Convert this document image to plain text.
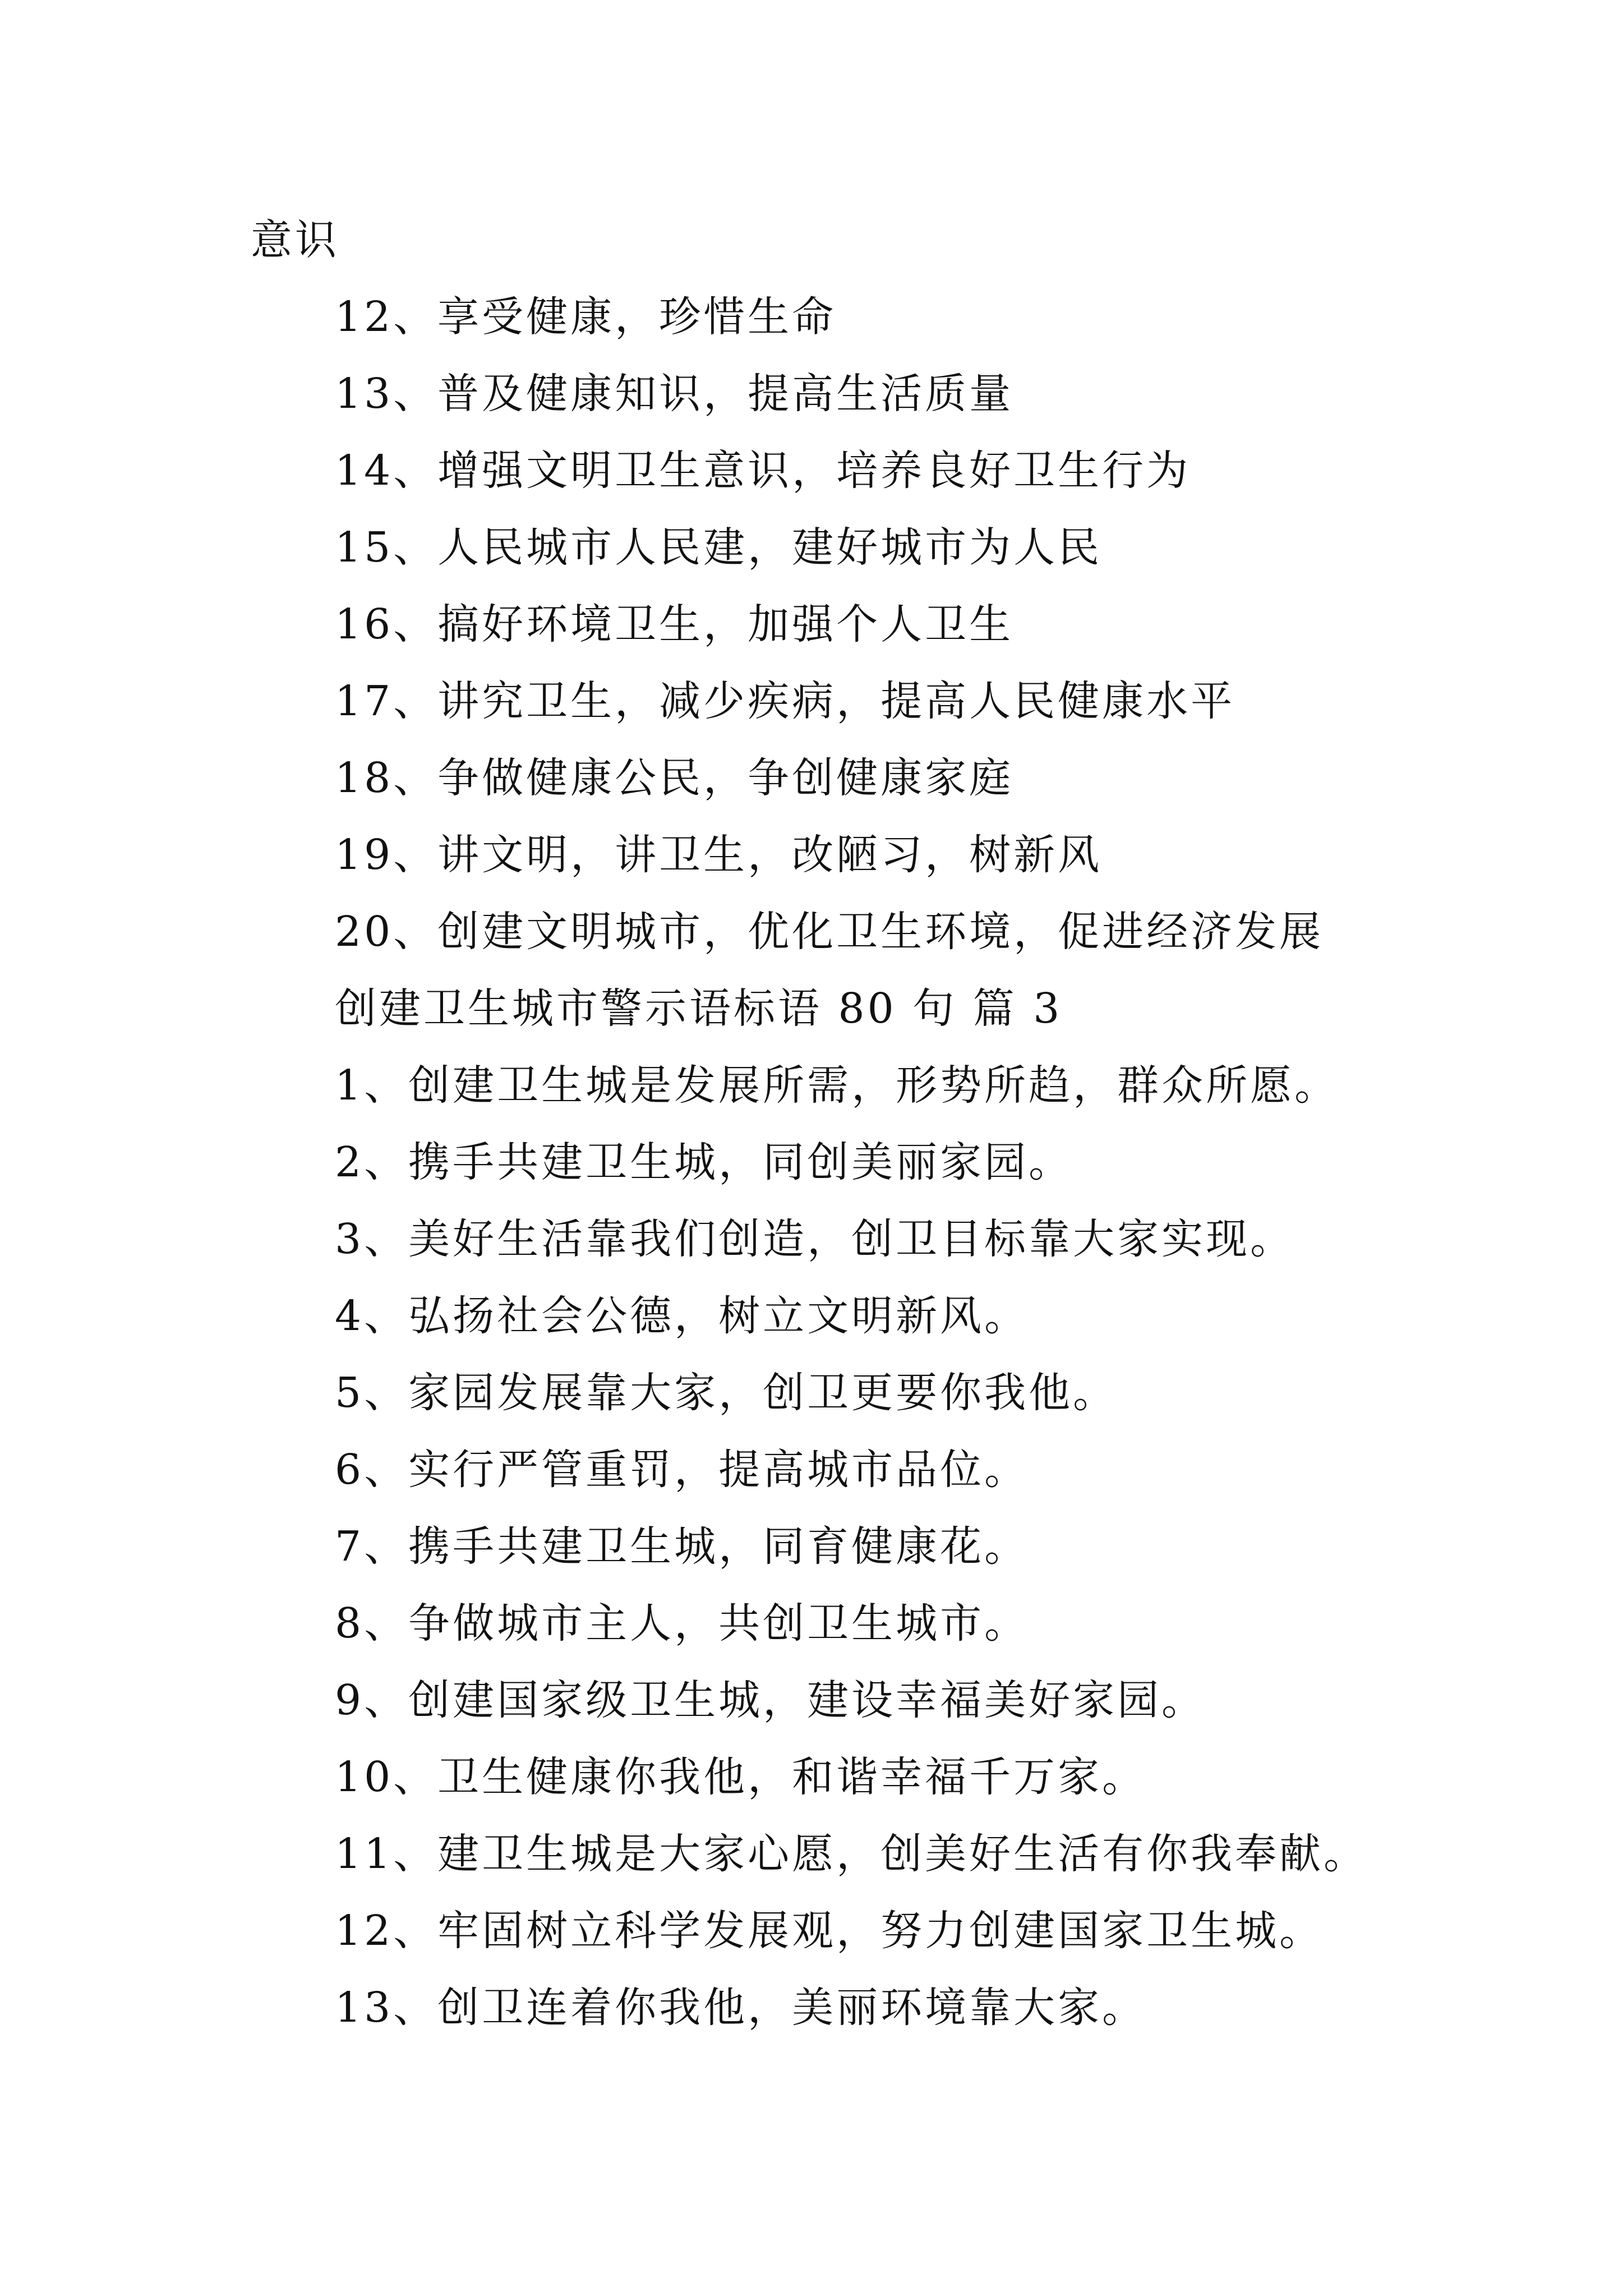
意识
12、享受健康，珍惜生命
13、普及健康知识，提高生活质量
14、增强文明卫生意识，培养良好卫生行为
15、人民城市人民建，建好城市为人民
16、搞好环境卫生，加强个人卫生
17、讲究卫生，减少疾病，提高人民健康水平
18、争做健康公民，争创健康家庭
19、讲文明，讲卫生，改陋习，树新风
20、创建文明城市，优化卫生环境，促进经济发展
创建卫生城市警示语标语 80 句 篇 3
1、创建卫生城是发展所需，形势所趋，群众所愿。
2、携手共建卫生城，同创美丽家园。
3、美好生活靠我们创造，创卫目标靠大家实现。
4、弘扬社会公德，树立文明新风。
5、家园发展靠大家，创卫更要你我他。
6、实行严管重罚，提高城市品位。
7、携手共建卫生城，同育健康花。
8、争做城市主人，共创卫生城市。
9、创建国家级卫生城，建设幸福美好家园。
10、卫生健康你我他，和谐幸福千万家。
11、建卫生城是大家心愿，创美好生活有你我奉献。
12、牢固树立科学发展观，努力创建国家卫生城。
13、创卫连着你我他，美丽环境靠大家。
